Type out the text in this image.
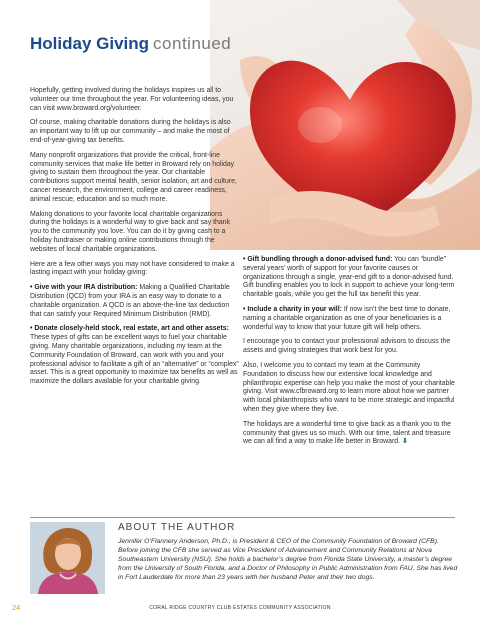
Holiday Giving continued

Hopefully, getting involved during the holidays inspires us all to volunteer our time throughout the year. For volunteering ideas, you can visit www.broward.org/volunteer.

Of course, making charitable donations during the holidays is also an important way to lift up our community – and make the most of end-of-year-giving tax benefits.

Many nonprofit organizations that provide the critical, front-line community services that make life better in Broward rely on holiday giving to sustain them throughout the year. Our charitable contributions support mental health, senior isolation, art and culture, cancer research, the environment, college and career readiness, animal rescue, education and so much more.

Making donations to your favorite local charitable organizations during the holidays is a wonderful way to give back and say thank you to the community you love. You can do it by giving cash to a holiday fundraiser or making online contributions through the websites of local charitable organizations.

Here are a few other ways you may not have considered to make a lasting impact with your holiday giving:

• Give with your IRA distribution: Making a Qualified Charitable Distribution (QCD) from your IRA is an easy way to donate to a charitable organization. A QCD is an above-the-line tax deduction that can satisfy your Required Minimum Distribution (RMD).

• Donate closely-held stock, real estate, art and other assets: These types of gifts can be excellent ways to fuel your charitable giving. Many charitable organizations, including my team at the Community Foundation of Broward, can work with you and your professional advisor to facilitate a gift of an “alternative” or “complex” asset. This is a great opportunity to maximize tax benefits as well as maximize the dollars available for your charitable giving.

• Gift bundling through a donor-advised fund: You can “bundle” several years’ worth of support for your favorite causes or organizations through a single, year-end gift to a donor-advised fund. Gift bundling enables you to lock in support to achieve your long-term charitable goals, while you get the full tax benefit this year.

• Include a charity in your will: If now isn’t the best time to donate, naming a charitable organization as one of your beneficiaries is a wonderful way to know that your future gift will help others.

I encourage you to contact your professional advisors to discuss the assets and giving strategies that work best for you.

Also, I welcome you to contact my team at the Community Foundation to discuss how our extensive local knowledge and philanthropic expertise can help you make the most of your charitable giving. Visit www.cfbroward.org to learn more about how we partner with local philanthropists who want to be more strategic and impactful when they give where they live.

The holidays are a wonderful time to give back as a thank you to the community that gives us so much. With our time, talent and treasure we can all find a way to make life better in Broward. ⬇

ABOUT THE AUTHOR

Jennifer O’Flannery Anderson, Ph.D., is President & CEO of the Community Foundation of Broward (CFB). Before joining the CFB she served as Vice President of Advancement and Community Relations at Nova Southeastern University (NSU). She holds a bachelor’s degree from Florida State University, a master’s degree from the University of South Florida, and a Doctor of Philosophy in Public Administration from FAU. She has lived in Fort Lauderdale for more than 23 years with her husband Peter and their two dogs.

24	CORAL RIDGE COUNTRY CLUB ESTATES COMMUNITY ASSOCIATION
